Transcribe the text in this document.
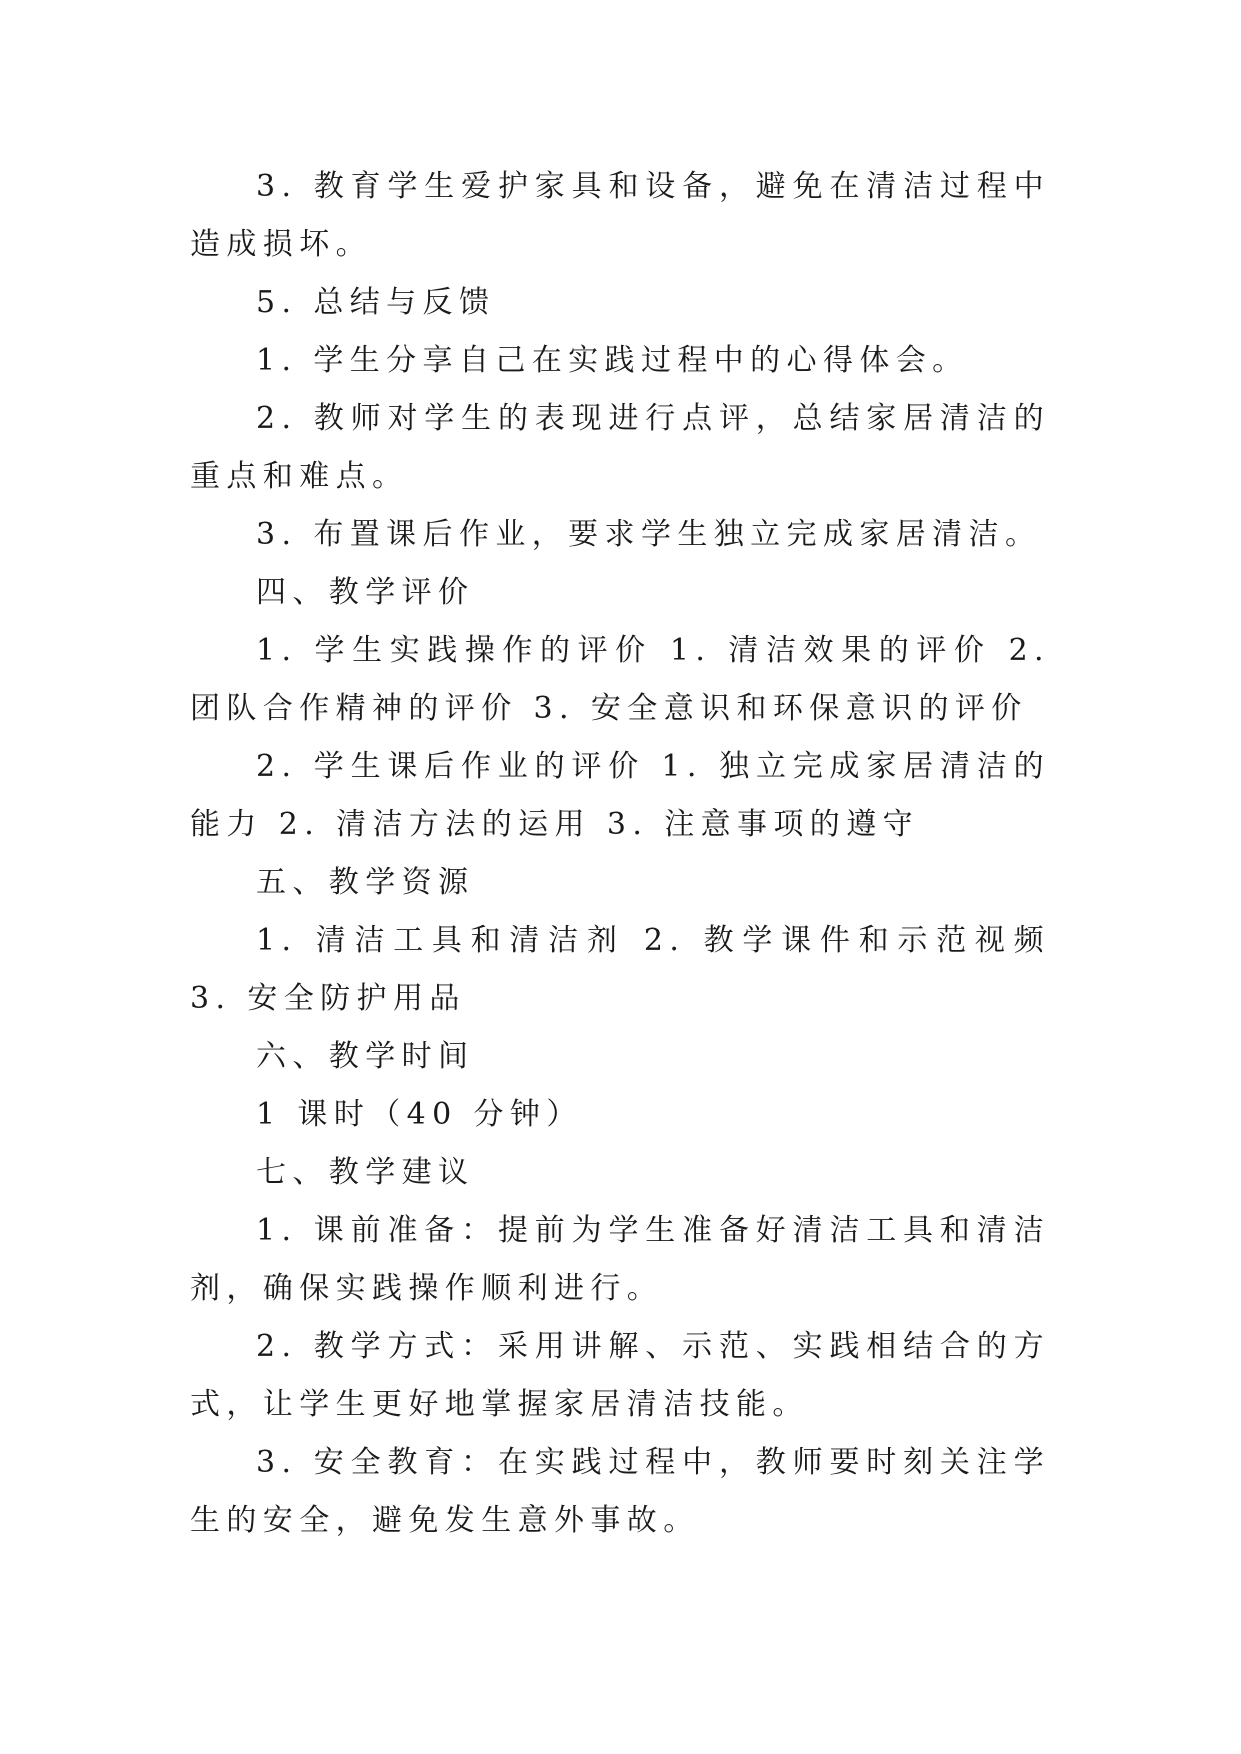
3. 教育学生爱护家具和设备，避免在清洁过程中造成损坏。

5. 总结与反馈

1. 学生分享自己在实践过程中的心得体会。

2. 教师对学生的表现进行点评，总结家居清洁的重点和难点。

3. 布置课后作业，要求学生独立完成家居清洁。

四、教学评价

1. 学生实践操作的评价 1. 清洁效果的评价 2. 团队合作精神的评价 3. 安全意识和环保意识的评价

2. 学生课后作业的评价 1. 独立完成家居清洁的能力 2. 清洁方法的运用 3. 注意事项的遵守

五、教学资源

1. 清洁工具和清洁剂 2. 教学课件和示范视频 3. 安全防护用品

六、教学时间

1 课时（40 分钟）

七、教学建议

1. 课前准备：提前为学生准备好清洁工具和清洁剂，确保实践操作顺利进行。

2. 教学方式：采用讲解、示范、实践相结合的方式，让学生更好地掌握家居清洁技能。

3. 安全教育：在实践过程中，教师要时刻关注学生的安全，避免发生意外事故。
